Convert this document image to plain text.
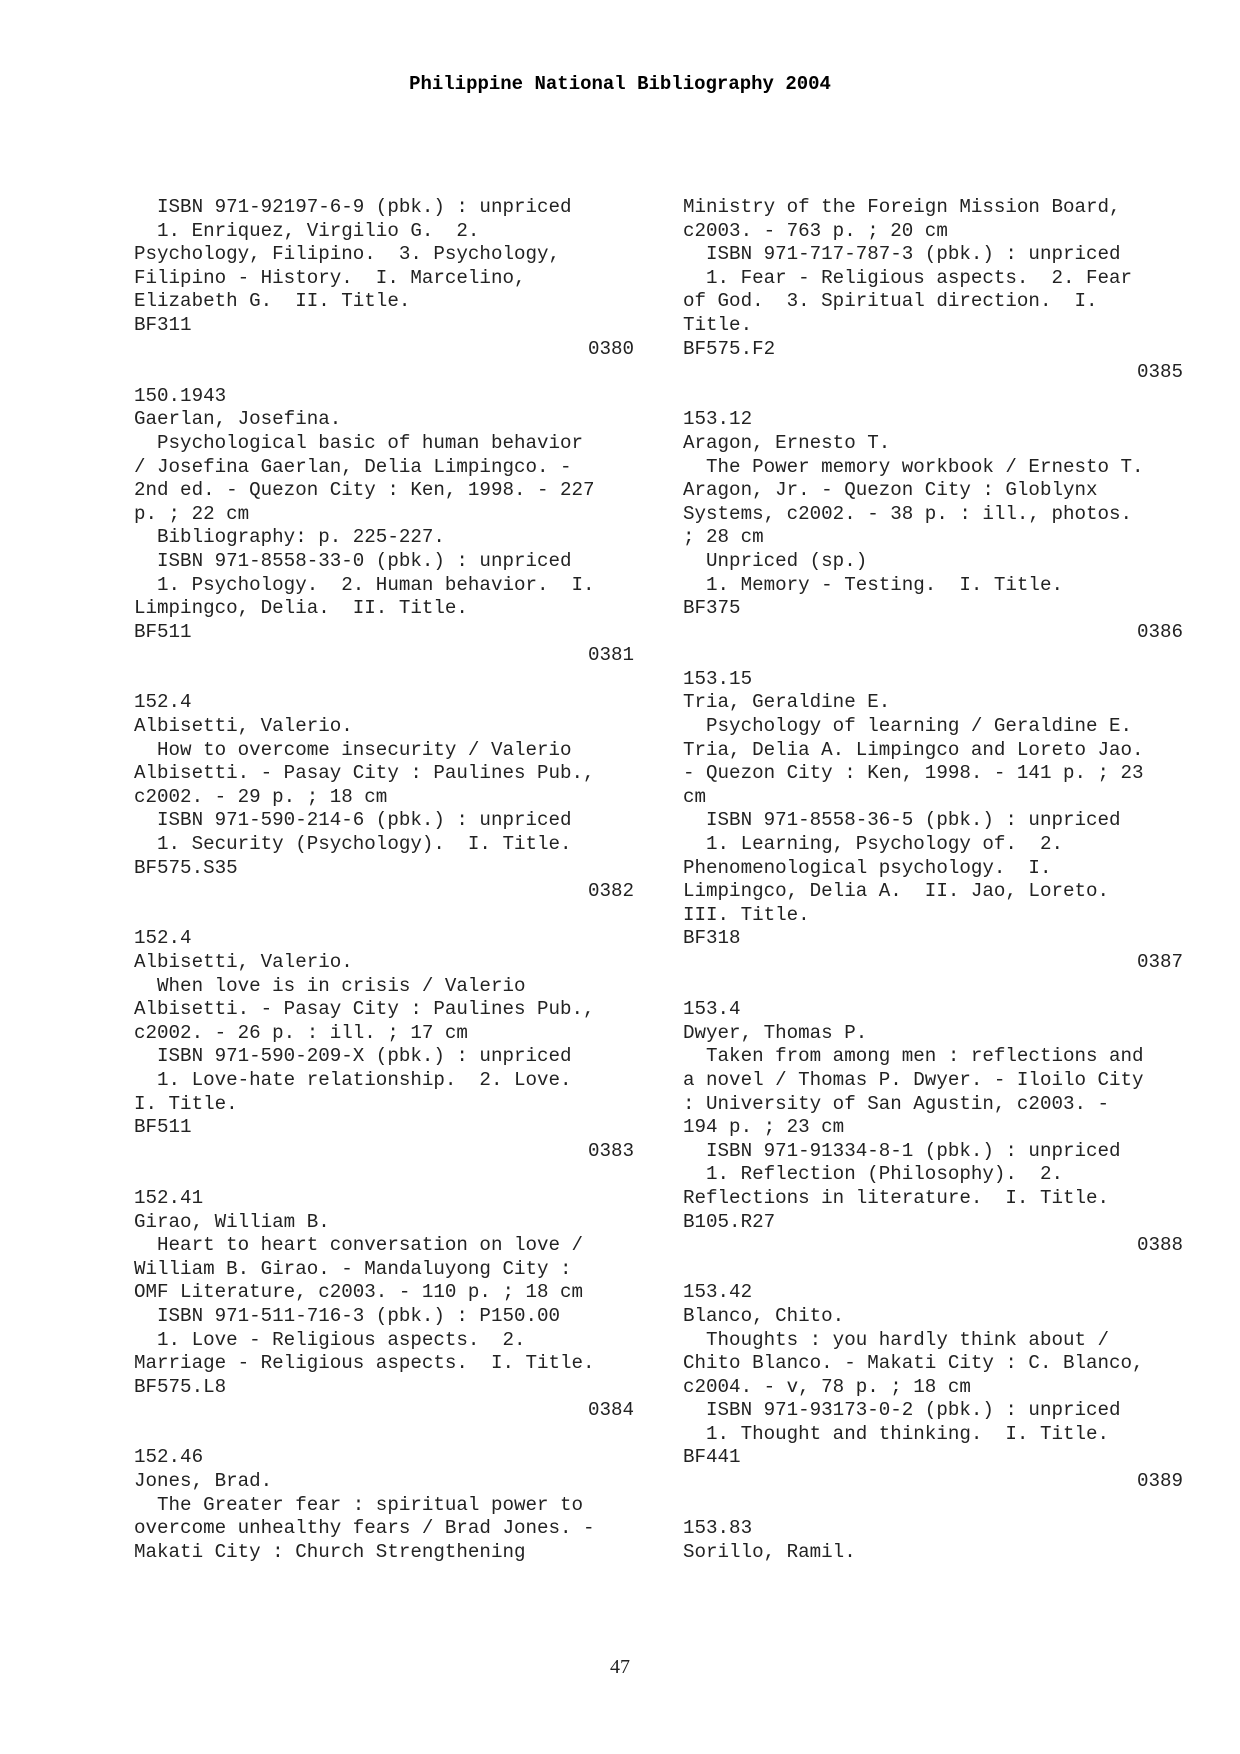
Philippine National Bibliography 2004
ISBN 971-92197-6-9 (pbk.) : unpriced
1. Enriquez, Virgilio G.  2.
Psychology, Filipino.  3. Psychology,
Filipino - History.  I. Marcelino,
Elizabeth G.  II. Title.
BF311
0380
150.1943
Gaerlan, Josefina.
Psychological basic of human behavior
/ Josefina Gaerlan, Delia Limpingco. -
2nd ed. - Quezon City : Ken, 1998. - 227
p. ; 22 cm
Bibliography: p. 225-227.
ISBN 971-8558-33-0 (pbk.) : unpriced
1. Psychology.  2. Human behavior.  I.
Limpingco, Delia.  II. Title.
BF511
0381
152.4
Albisetti, Valerio.
How to overcome insecurity / Valerio
Albisetti. - Pasay City : Paulines Pub.,
c2002. - 29 p. ; 18 cm
ISBN 971-590-214-6 (pbk.) : unpriced
1. Security (Psychology).  I. Title.
BF575.S35
0382
152.4
Albisetti, Valerio.
When love is in crisis / Valerio
Albisetti. - Pasay City : Paulines Pub.,
c2002. - 26 p. : ill. ; 17 cm
ISBN 971-590-209-X (pbk.) : unpriced
1. Love-hate relationship.  2. Love.
I. Title.
BF511
0383
152.41
Girao, William B.
Heart to heart conversation on love /
William B. Girao. - Mandaluyong City :
OMF Literature, c2003. - 110 p. ; 18 cm
ISBN 971-511-716-3 (pbk.) : P150.00
1. Love - Religious aspects.  2.
Marriage - Religious aspects.  I. Title.
BF575.L8
0384
152.46
Jones, Brad.
The Greater fear : spiritual power to
overcome unhealthy fears / Brad Jones. -
Makati City : Church Strengthening
Ministry of the Foreign Mission Board,
c2003. - 763 p. ; 20 cm
ISBN 971-717-787-3 (pbk.) : unpriced
1. Fear - Religious aspects.  2. Fear
of God.  3. Spiritual direction.  I.
Title.
BF575.F2
0385
153.12
Aragon, Ernesto T.
The Power memory workbook / Ernesto T.
Aragon, Jr. - Quezon City : Globlynx
Systems, c2002. - 38 p. : ill., photos.
; 28 cm
Unpriced (sp.)
1. Memory - Testing.  I. Title.
BF375
0386
153.15
Tria, Geraldine E.
Psychology of learning / Geraldine E.
Tria, Delia A. Limpingco and Loreto Jao.
- Quezon City : Ken, 1998. - 141 p. ; 23
cm
ISBN 971-8558-36-5 (pbk.) : unpriced
1. Learning, Psychology of.  2.
Phenomenological psychology.  I.
Limpingco, Delia A.  II. Jao, Loreto.
III. Title.
BF318
0387
153.4
Dwyer, Thomas P.
Taken from among men : reflections and
a novel / Thomas P. Dwyer. - Iloilo City
: University of San Agustin, c2003. -
194 p. ; 23 cm
ISBN 971-91334-8-1 (pbk.) : unpriced
1. Reflection (Philosophy).  2.
Reflections in literature.  I. Title.
B105.R27
0388
153.42
Blanco, Chito.
Thoughts : you hardly think about /
Chito Blanco. - Makati City : C. Blanco,
c2004. - v, 78 p. ; 18 cm
ISBN 971-93173-0-2 (pbk.) : unpriced
1. Thought and thinking.  I. Title.
BF441
0389
153.83
Sorillo, Ramil.
47
